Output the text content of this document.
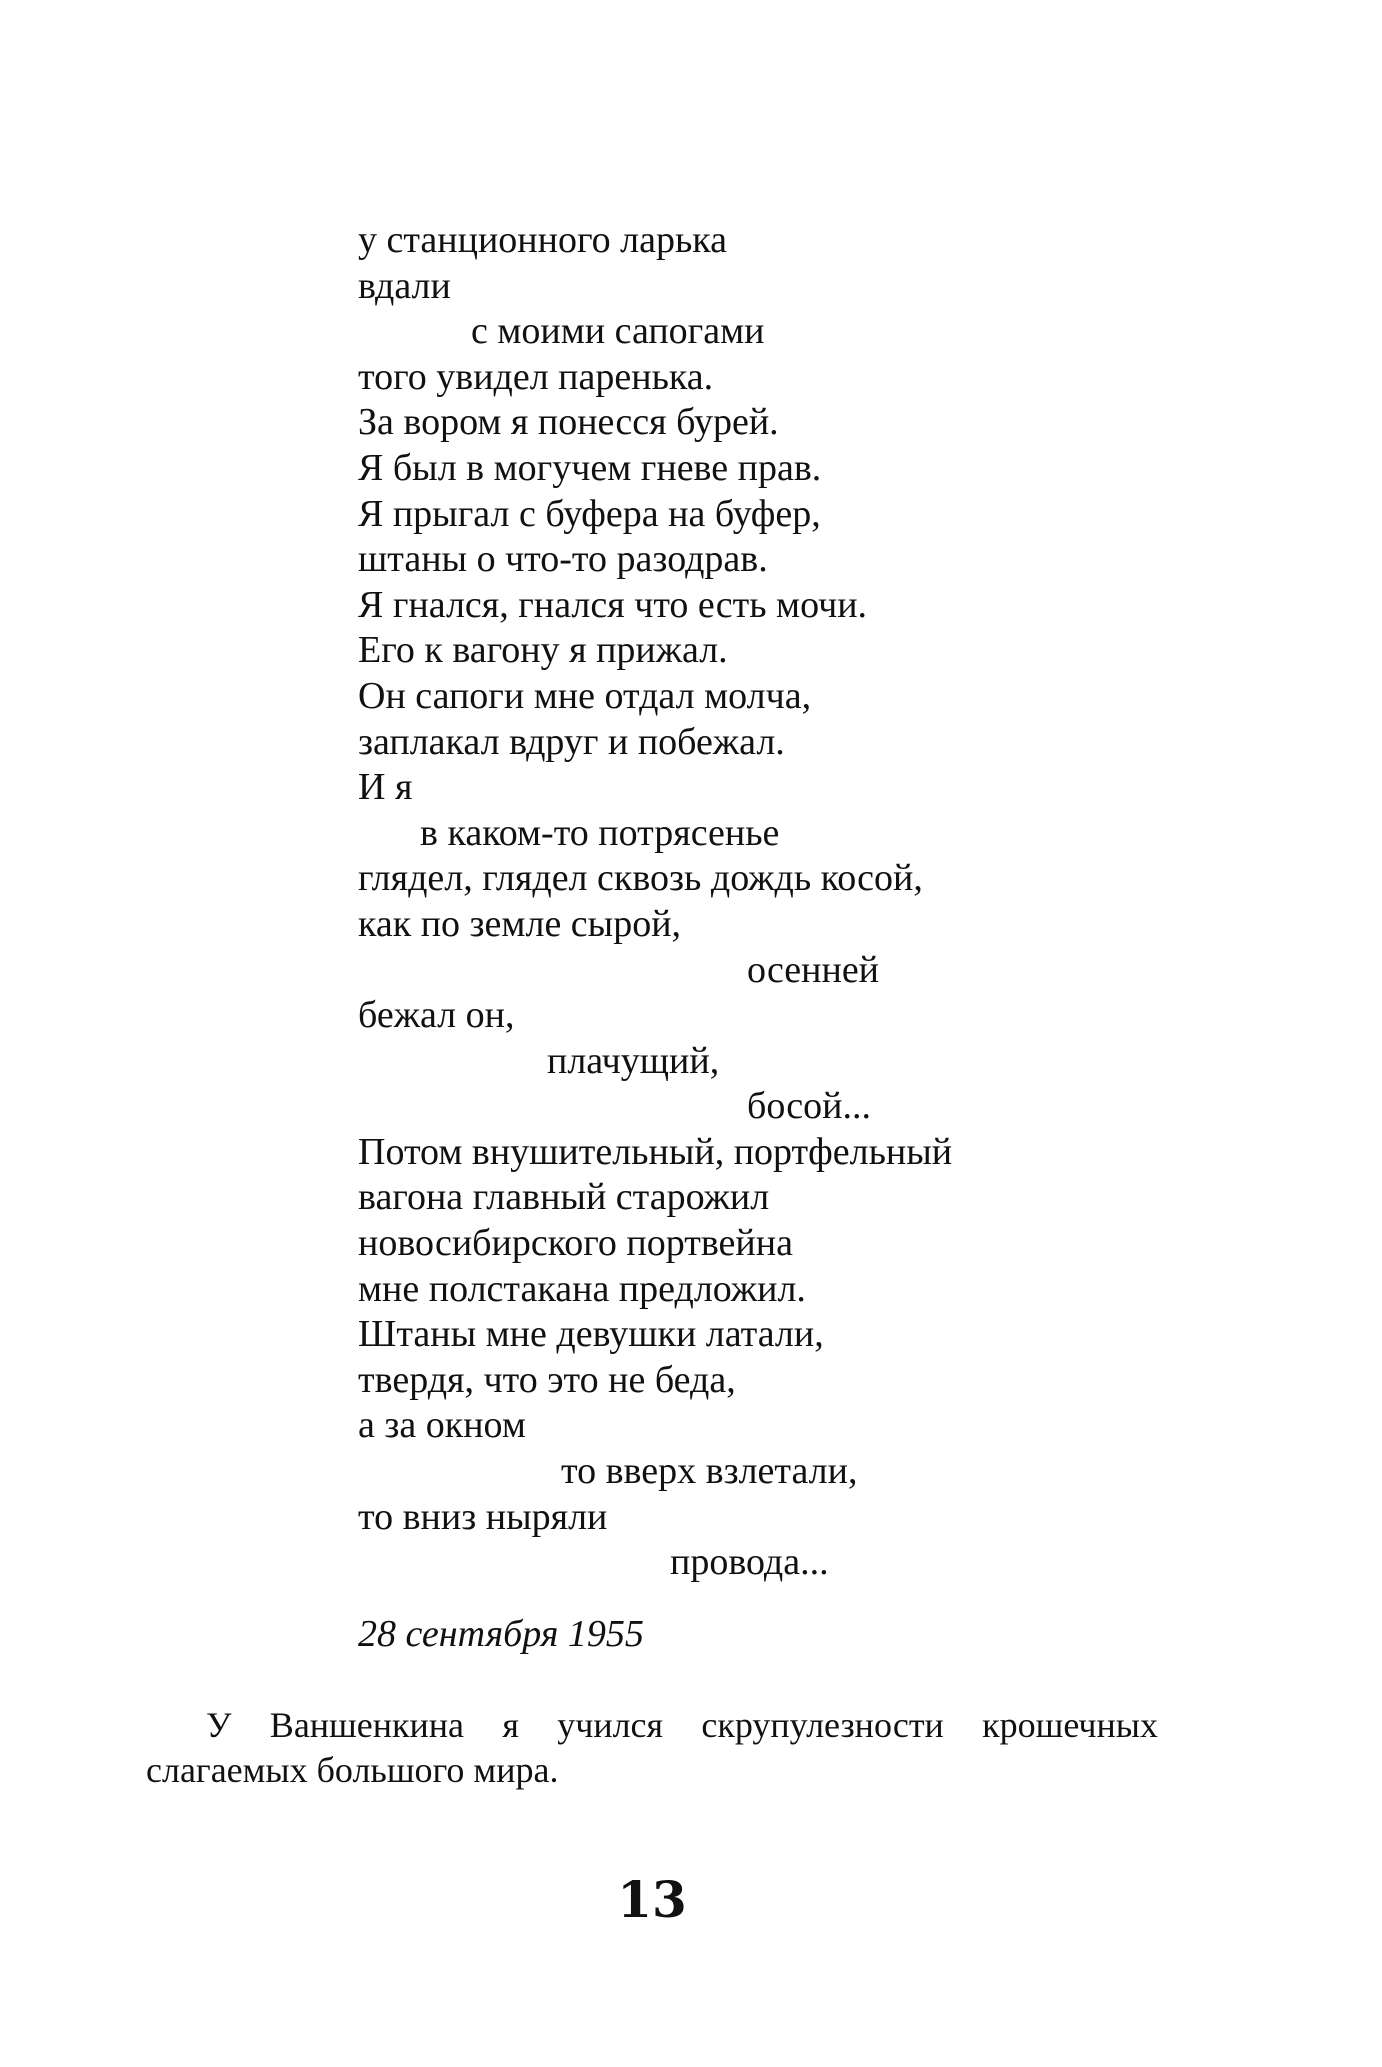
у станционного ларька
вдали
с моими сапогами
того увидел паренька.
За вором я понесся бурей.
Я был в могучем гневе прав.
Я прыгал с буфера на буфер,
штаны о что-то разодрав.
Я гнался, гнался что есть мочи.
Его к вагону я прижал.
Он сапоги мне отдал молча,
заплакал вдруг и побежал.
И я
в каком-то потрясенье
глядел, глядел сквозь дождь косой,
как по земле сырой,
осенней
бежал он,
плачущий,
босой...
Потом внушительный, портфельный
вагона главный старожил
новосибирского портвейна
мне полстакана предложил.
Штаны мне девушки латали,
твердя, что это не беда,
а за окном
то вверх взлетали,
то вниз ныряли
провода...
28 сентября 1955
У Ваншенкина я учился скрупулезности крошечных слагаемых большого мира.
13
